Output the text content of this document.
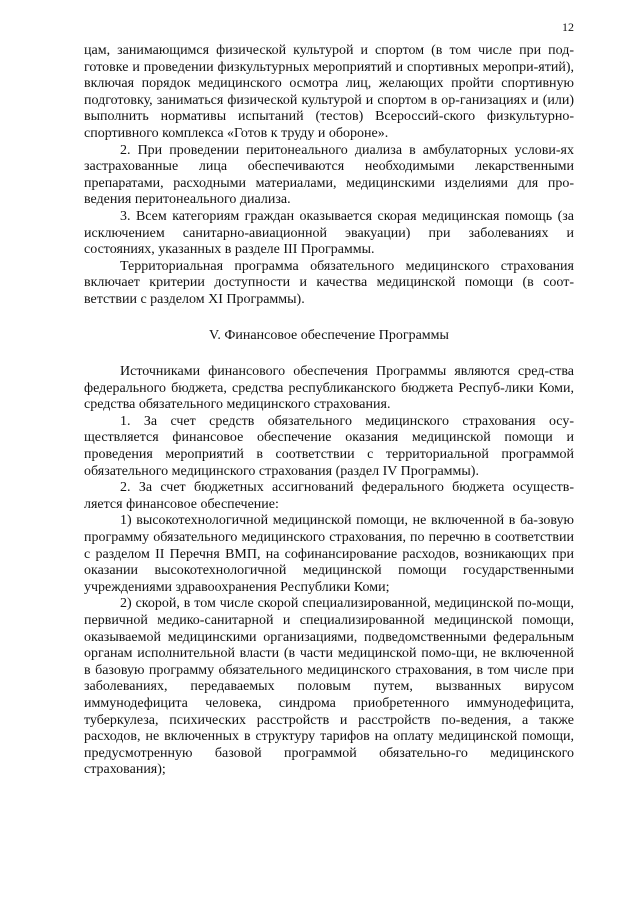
12

цам, занимающимся физической культурой и спортом (в том числе при под-готовке и проведении физкультурных мероприятий и спортивных меропри-ятий), включая порядок медицинского осмотра лиц, желающих пройти спортивную подготовку, заниматься физической культурой и спортом в ор-ганизациях и (или) выполнить нормативы испытаний (тестов) Всероссий-ского физкультурно-спортивного комплекса «Готов к труду и обороне».

2. При проведении перитонеального диализа в амбулаторных услови-ях застрахованные лица обеспечиваются необходимыми лекарственными препаратами, расходными материалами, медицинскими изделиями для про-ведения перитонеального диализа.

3. Всем категориям граждан оказывается скорая медицинская помощь (за исключением санитарно-авиационной эвакуации) при заболеваниях и состояниях, указанных в разделе III Программы.

Территориальная программа обязательного медицинского страхования включает критерии доступности и качества медицинской помощи (в соот-ветствии с разделом XI Программы).

V. Финансовое обеспечение Программы

Источниками финансового обеспечения Программы являются сред-ства федерального бюджета, средства республиканского бюджета Респуб-лики Коми, средства обязательного медицинского страхования.

1. За счет средств обязательного медицинского страхования осу-ществляется финансовое обеспечение оказания медицинской помощи и проведения мероприятий в соответствии с территориальной программой обязательного медицинского страхования (раздел IV Программы).

2. За счет бюджетных ассигнований федерального бюджета осуществ-ляется финансовое обеспечение:

1) высокотехнологичной медицинской помощи, не включенной в ба-зовую программу обязательного медицинского страхования, по перечню в соответствии с разделом II Перечня ВМП, на софинансирование расходов, возникающих при оказании высокотехнологичной медицинской помощи государственными учреждениями здравоохранения Республики Коми;

2) скорой, в том числе скорой специализированной, медицинской по-мощи, первичной медико-санитарной и специализированной медицинской помощи, оказываемой медицинскими организациями, подведомственными федеральным органам исполнительной власти (в части медицинской помо-щи, не включенной в базовую программу обязательного медицинского страхования, в том числе при заболеваниях, передаваемых половым путем, вызванных вирусом иммунодефицита человека, синдрома приобретенного иммунодефицита, туберкулеза, психических расстройств и расстройств по-ведения, а также расходов, не включенных в структуру тарифов на оплату медицинской помощи, предусмотренную базовой программой обязательно-го медицинского страхования);
